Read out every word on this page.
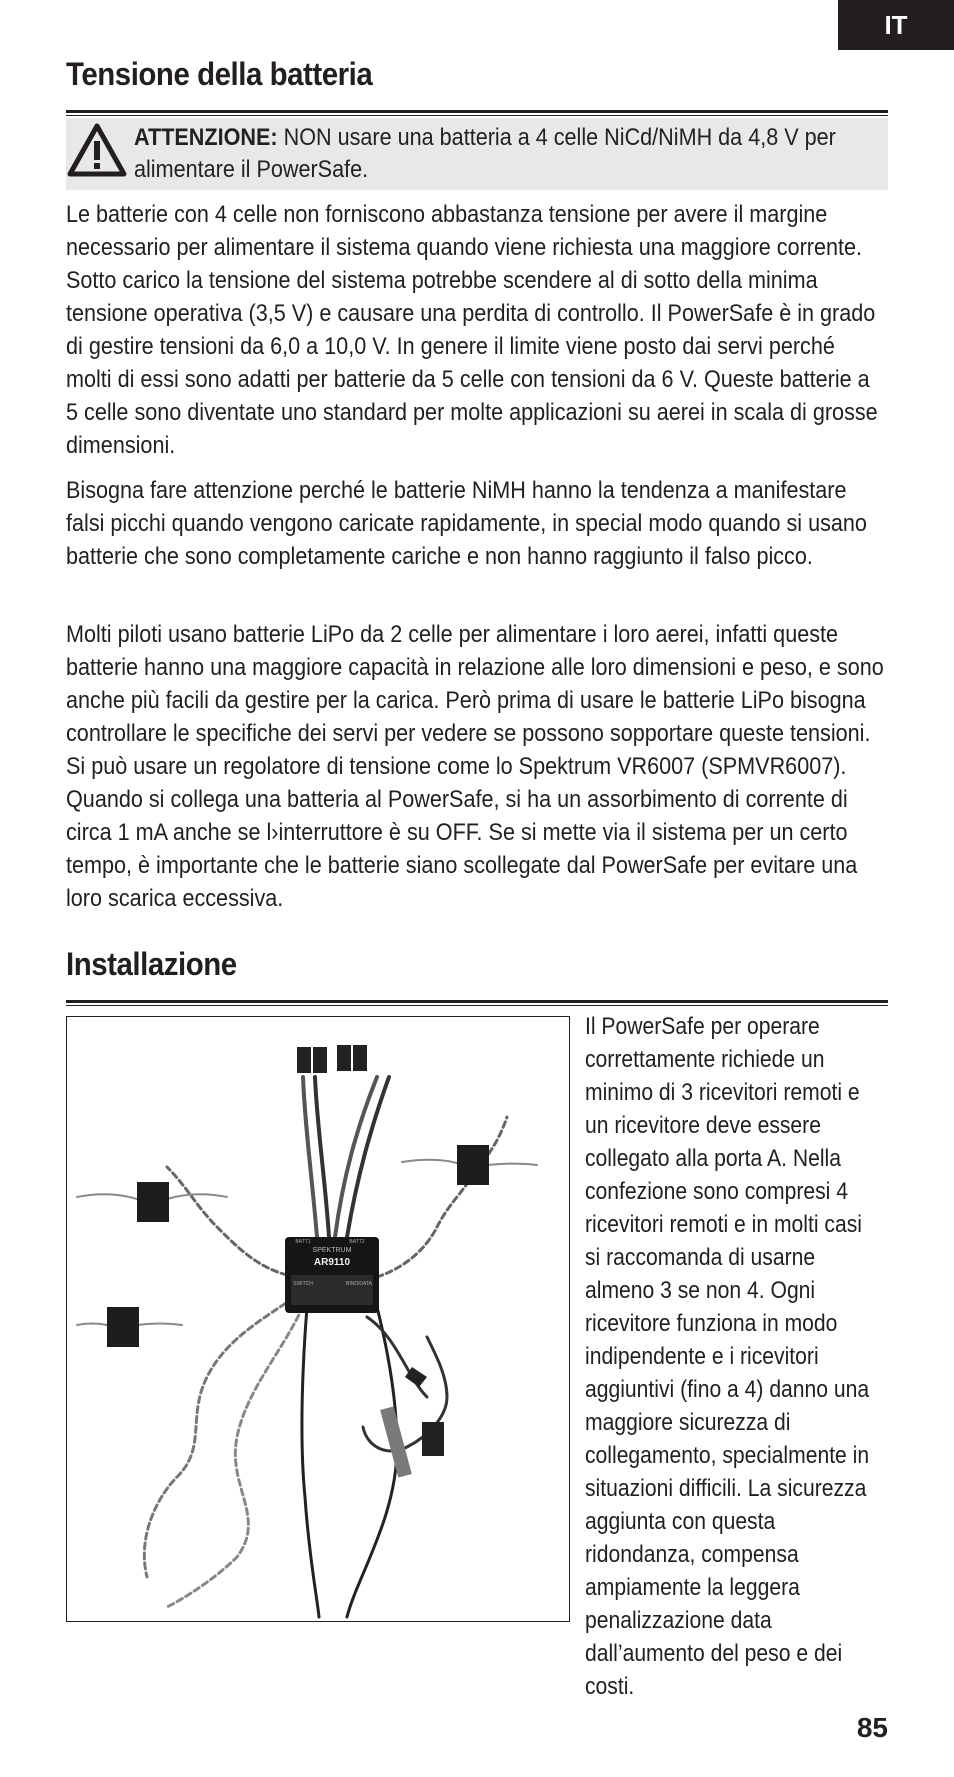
IT
Tensione della batteria
ATTENZIONE: NON usare una batteria a 4 celle NiCd/NiMH da 4,8 V per alimentare il PowerSafe.

Le batterie con 4 celle non forniscono abbastanza tensione per avere il margine necessario per alimentare il sistema quando viene richiesta una maggiore corrente. Sotto carico la tensione del sistema potrebbe scendere al di sotto della minima tensione operativa (3,5 V) e causare una perdita di controllo. Il PowerSafe è in grado di gestire tensioni da 6,0 a 10,0 V. In genere il limite viene posto dai servi perché molti di essi sono adatti per batterie da 5 celle con tensioni da 6 V. Queste batterie a 5 celle sono diventate uno standard per molte applicazioni su aerei in scala di grosse dimensioni.

Bisogna fare attenzione perché le batterie NiMH hanno la tendenza a manifestare falsi picchi quando vengono caricate rapidamente, in special modo quando si usano batterie che sono completamente cariche e non hanno raggiunto il falso picco.

Molti piloti usano batterie LiPo da 2 celle per alimentare i loro aerei, infatti queste batterie hanno una maggiore capacità in relazione alle loro dimensioni e peso, e sono anche più facili da gestire per la carica. Però prima di usare le batterie LiPo bisogna controllare le specifiche dei servi per vedere se possono sopportare queste tensioni. Si può usare un regolatore di tensione come lo Spektrum VR6007 (SPMVR6007). Quando si collega una batteria al PowerSafe, si ha un assorbimento di corrente di circa 1 mA anche se l›interruttore è su OFF. Se si mette via il sistema per un certo tempo, è importante che le batterie siano scollegate dal PowerSafe per evitare una loro scarica eccessiva.

Installazione
SPEKTRUM
AR9110
BATT1	BATT2
SWITCH	BIND/DATA
Il PowerSafe per operare correttamente richiede un minimo di 3 ricevitori remoti e un ricevitore deve essere collegato alla porta A. Nella confezione sono compresi 4 ricevitori remoti e in molti casi si raccomanda di usarne almeno 3 se non 4. Ogni ricevitore funziona in modo indipendente e i ricevitori aggiuntivi (fino a 4) danno una maggiore sicurezza di collegamento, specialmente in situazioni difficili. La sicurezza aggiunta con questa ridondanza, compensa ampiamente la leggera penalizzazione data dall’aumento del peso e dei costi.
85
